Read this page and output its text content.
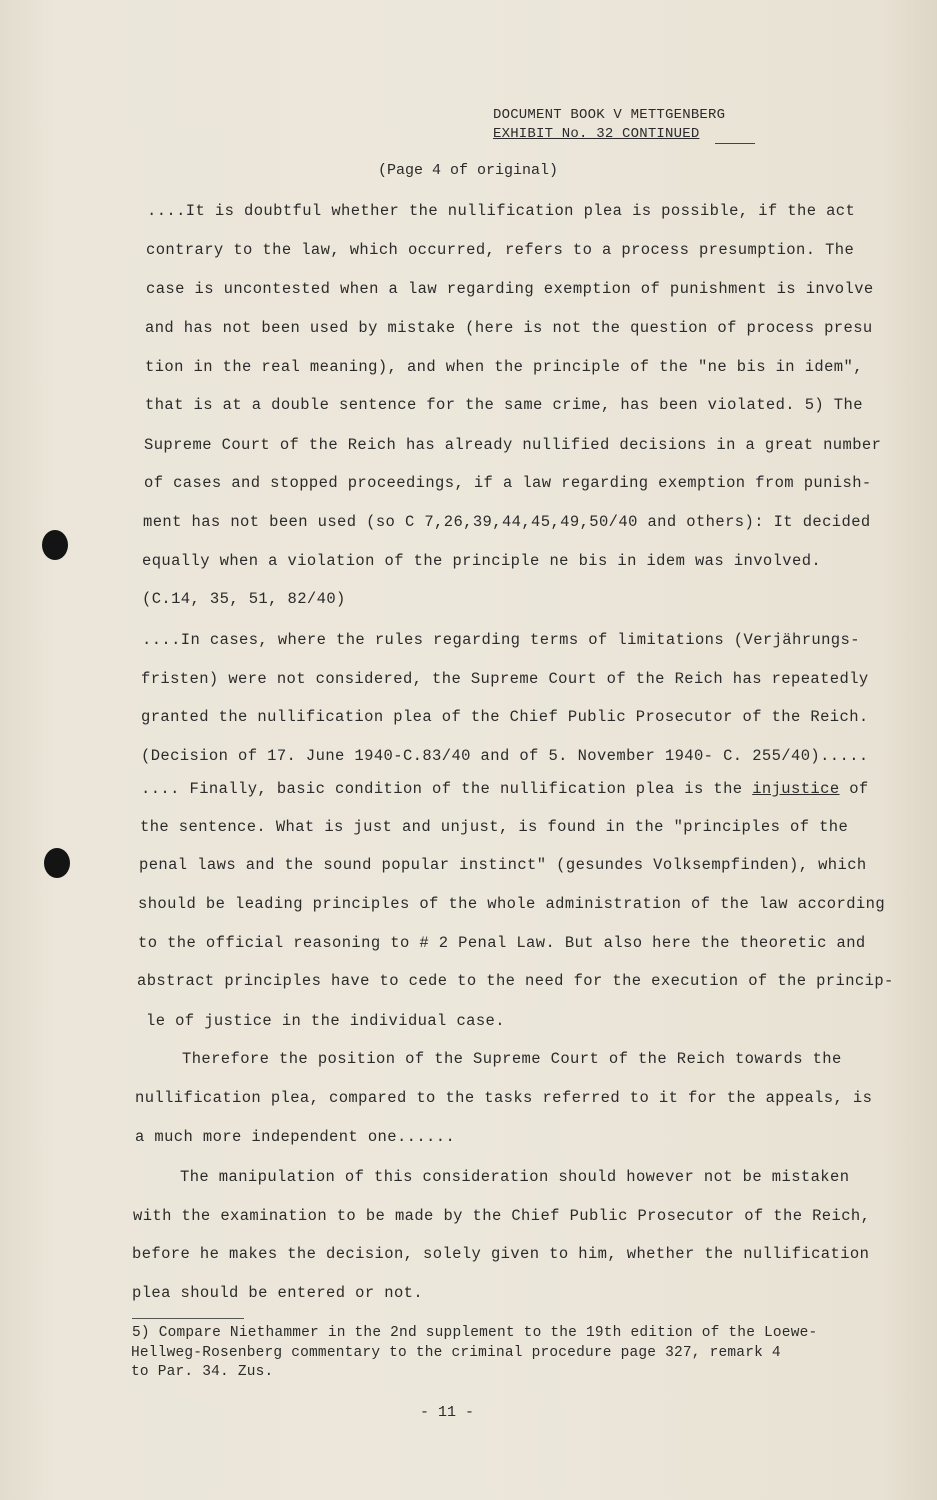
DOCUMENT BOOK V METTGENBERG
EXHIBIT No. 32 CONTINUED
(Page 4 of original)
....It is doubtful whether the nullification plea is possible, if the act
contrary to the law, which occurred, refers to a process presumption. The
case is uncontested when a law regarding exemption of punishment is involve
and has not been used by mistake (here is not the question of process presu
tion in the real meaning), and when the principle of the "ne bis in idem",
that is at a double sentence for the same crime, has been violated. 5) The
Supreme Court of the Reich has already nullified decisions in a great number
of cases and stopped proceedings, if a law regarding exemption from punish-
ment has not been used (so C 7,26,39,44,45,49,50/40 and others): It decided
equally when a violation of the principle ne bis in idem was involved.
(C.14, 35, 51, 82/40)
....In cases, where the rules regarding terms of limitations (Verjährungs-
fristen) were not considered, the Supreme Court of the Reich has repeatedly
granted the nullification plea of the Chief Public Prosecutor of the Reich.
(Decision of 17. June 1940-C.83/40 and of 5. November 1940- C. 255/40).....
.... Finally, basic condition of the nullification plea is the injustice of
the sentence. What is just and unjust, is found in the "principles of the
penal laws and the sound popular instinct" (gesundes Volksempfinden), which
should be leading principles of the whole administration of the law according
to the official reasoning to # 2 Penal Law. But also here the theoretic and
abstract principles have to cede to the need for the execution of the princip-
le of justice in the individual case.
Therefore the position of the Supreme Court of the Reich towards the
nullification plea, compared to the tasks referred to it for the appeals, is
a much more independent one......
The manipulation of this consideration should however not be mistaken
with the examination to be made by the Chief Public Prosecutor of the Reich,
before he makes the decision, solely given to him, whether the nullification
plea should be entered or not.
5) Compare Niethammer in the 2nd supplement to the 19th edition of the Loewe-
Hellweg-Rosenberg commentary to the criminal procedure page 327, remark 4
to Par. 34. Zus.
- 11 -
